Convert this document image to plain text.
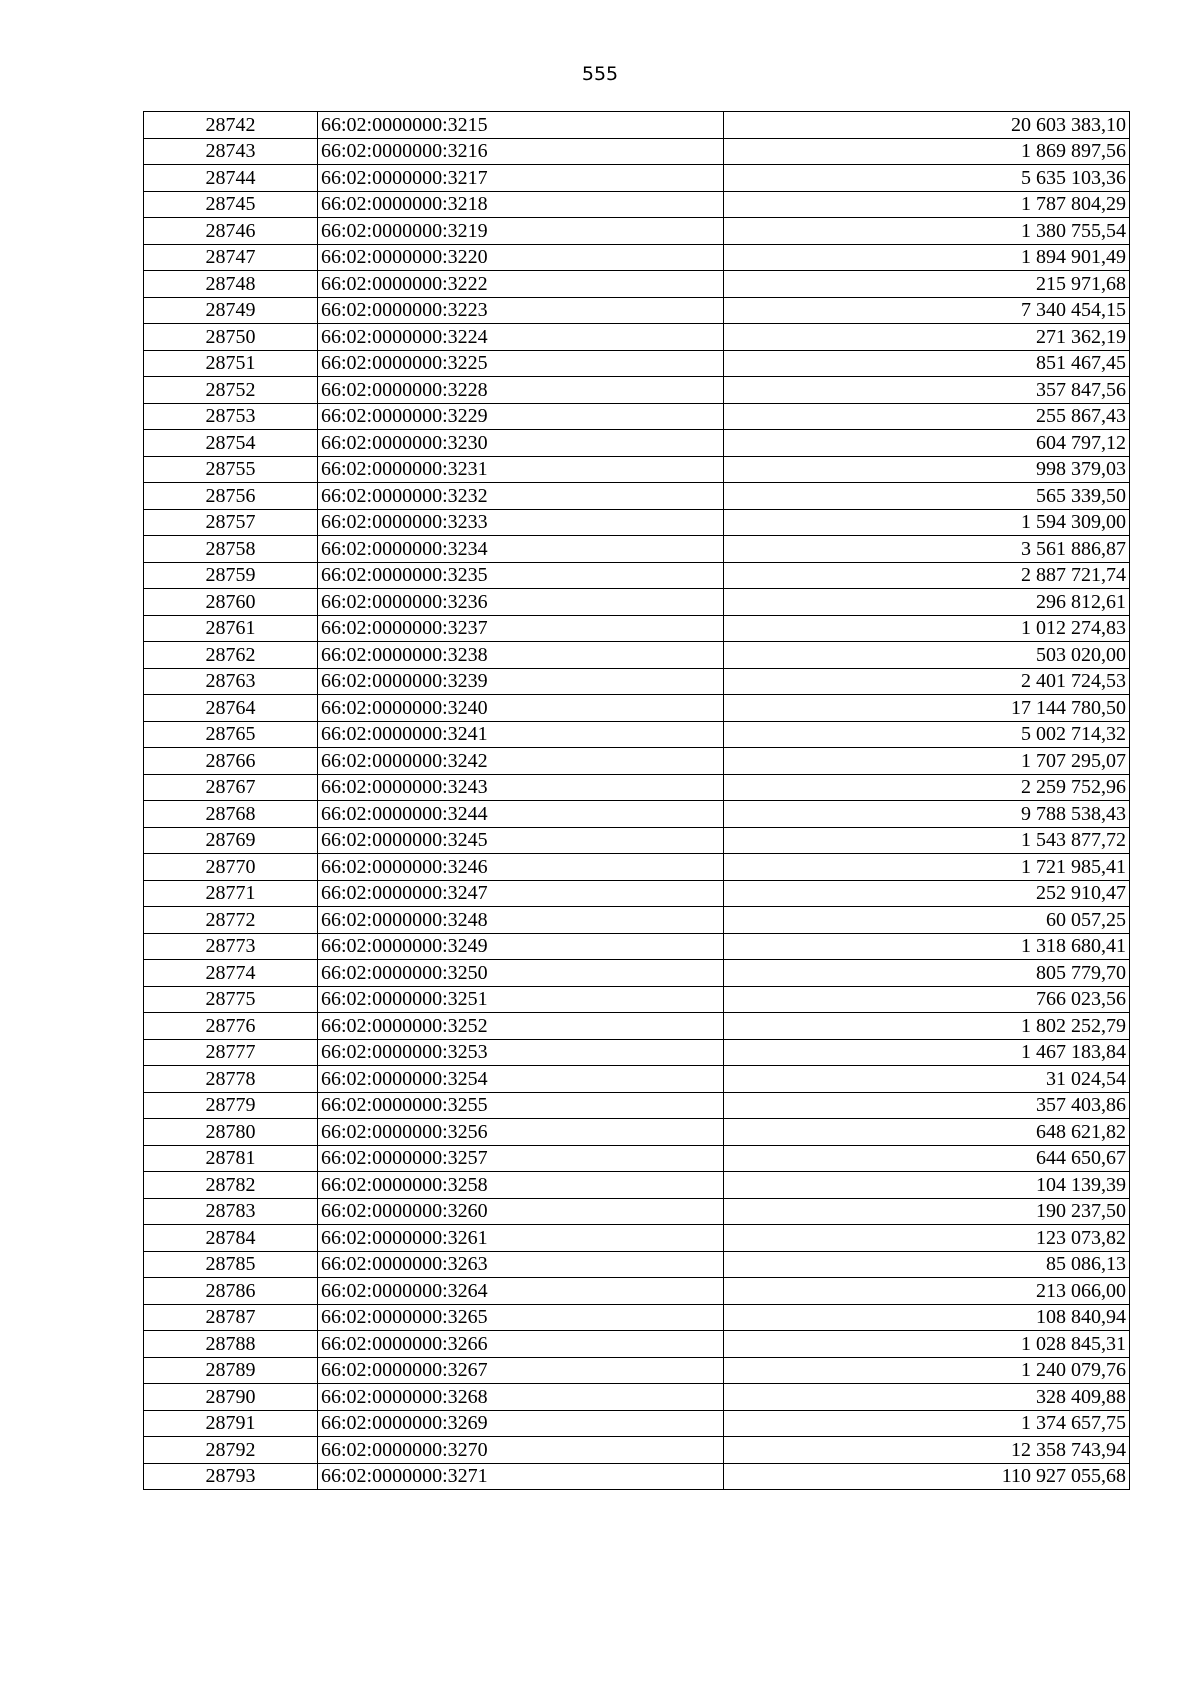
555
28742	66:02:0000000:3215	20 603 383,10
28743	66:02:0000000:3216	1 869 897,56
28744	66:02:0000000:3217	5 635 103,36
28745	66:02:0000000:3218	1 787 804,29
28746	66:02:0000000:3219	1 380 755,54
28747	66:02:0000000:3220	1 894 901,49
28748	66:02:0000000:3222	215 971,68
28749	66:02:0000000:3223	7 340 454,15
28750	66:02:0000000:3224	271 362,19
28751	66:02:0000000:3225	851 467,45
28752	66:02:0000000:3228	357 847,56
28753	66:02:0000000:3229	255 867,43
28754	66:02:0000000:3230	604 797,12
28755	66:02:0000000:3231	998 379,03
28756	66:02:0000000:3232	565 339,50
28757	66:02:0000000:3233	1 594 309,00
28758	66:02:0000000:3234	3 561 886,87
28759	66:02:0000000:3235	2 887 721,74
28760	66:02:0000000:3236	296 812,61
28761	66:02:0000000:3237	1 012 274,83
28762	66:02:0000000:3238	503 020,00
28763	66:02:0000000:3239	2 401 724,53
28764	66:02:0000000:3240	17 144 780,50
28765	66:02:0000000:3241	5 002 714,32
28766	66:02:0000000:3242	1 707 295,07
28767	66:02:0000000:3243	2 259 752,96
28768	66:02:0000000:3244	9 788 538,43
28769	66:02:0000000:3245	1 543 877,72
28770	66:02:0000000:3246	1 721 985,41
28771	66:02:0000000:3247	252 910,47
28772	66:02:0000000:3248	60 057,25
28773	66:02:0000000:3249	1 318 680,41
28774	66:02:0000000:3250	805 779,70
28775	66:02:0000000:3251	766 023,56
28776	66:02:0000000:3252	1 802 252,79
28777	66:02:0000000:3253	1 467 183,84
28778	66:02:0000000:3254	31 024,54
28779	66:02:0000000:3255	357 403,86
28780	66:02:0000000:3256	648 621,82
28781	66:02:0000000:3257	644 650,67
28782	66:02:0000000:3258	104 139,39
28783	66:02:0000000:3260	190 237,50
28784	66:02:0000000:3261	123 073,82
28785	66:02:0000000:3263	85 086,13
28786	66:02:0000000:3264	213 066,00
28787	66:02:0000000:3265	108 840,94
28788	66:02:0000000:3266	1 028 845,31
28789	66:02:0000000:3267	1 240 079,76
28790	66:02:0000000:3268	328 409,88
28791	66:02:0000000:3269	1 374 657,75
28792	66:02:0000000:3270	12 358 743,94
28793	66:02:0000000:3271	110 927 055,68
